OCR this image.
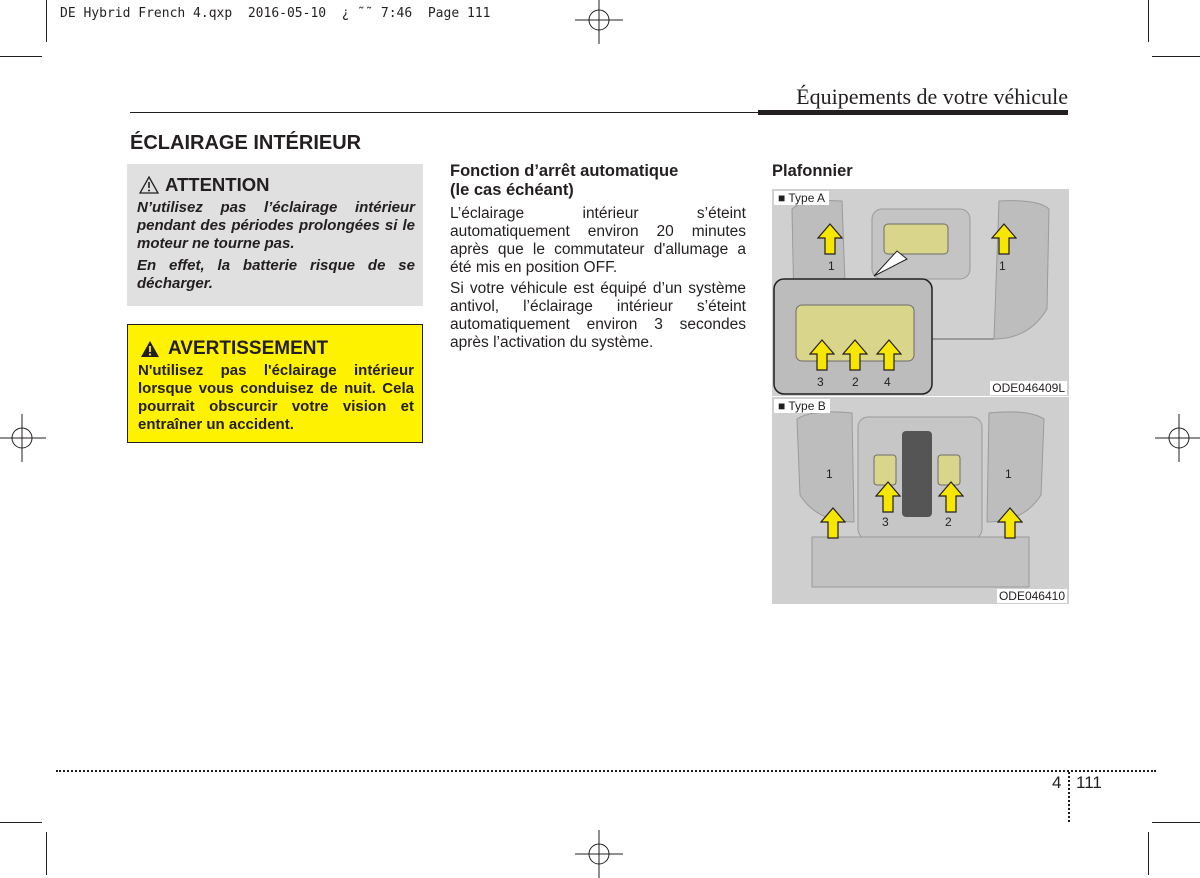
DE Hybrid French 4.qxp  2016-05-10  ¿ ˜˜ 7:46  Page 111
Équipements de votre véhicule
ÉCLAIRAGE INTÉRIEUR
ATTENTION

N’utilisez pas l’éclairage intérieur pendant des périodes prolongées si le moteur ne tourne pas.

En effet, la batterie risque de se décharger.

AVERTISSEMENT
N'utilisez pas l'éclairage intérieur lorsque vous conduisez de nuit. Cela pourrait obscurcir votre vision et entraîner un accident.
Fonction d’arrêt automatique
(le cas échéant)
L’éclairage intérieur s’éteint automatiquement environ 20 minutes après que le commutateur d'allumage a été mis en position OFF.
Si votre véhicule est équipé d’un système antivol, l’éclairage intérieur s’éteint automatiquement environ 3 secondes après l’activation du système.
Plafonnier
■ Type A
ODE046409L
1	1
3 2 4
■ Type B
ODE046410
1	1
3	2
4 111
